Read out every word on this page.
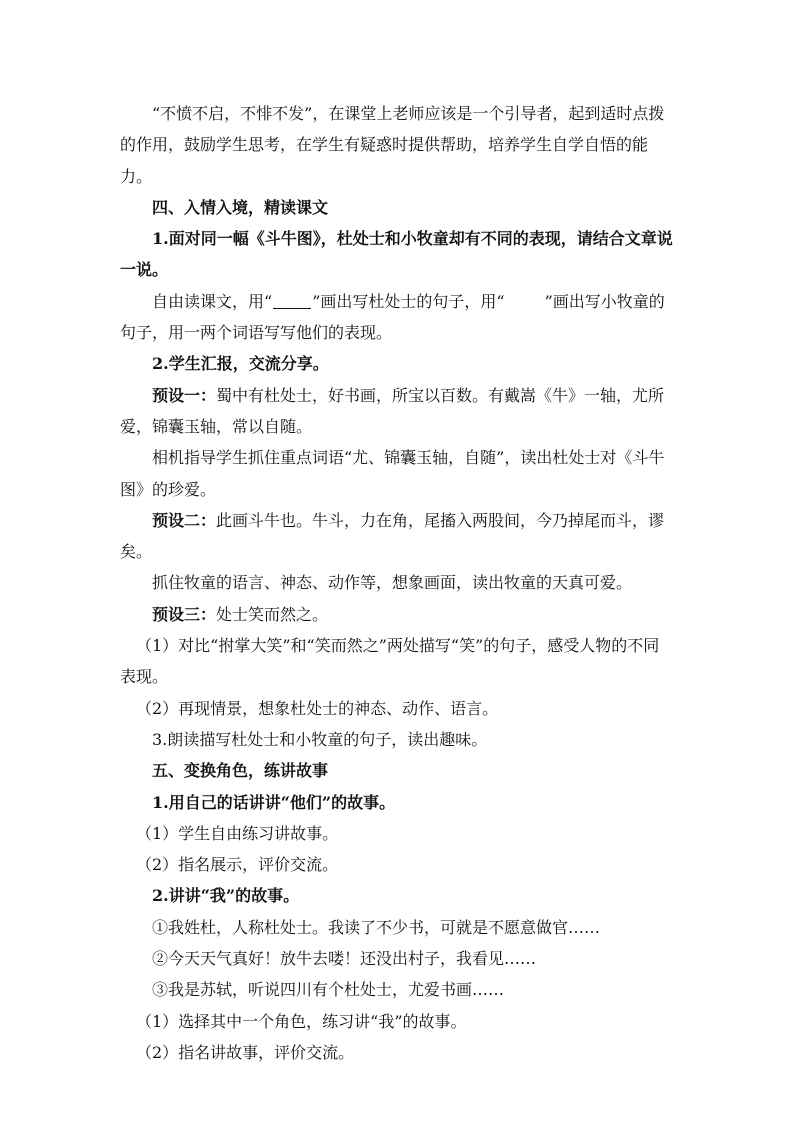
“不愤不启，不悱不发”，在课堂上老师应该是一个引导者，起到适时点拨的作用，鼓励学生思考，在学生有疑惑时提供帮助，培养学生自学自悟的能力。

四、入情入境，精读课文

1.面对同一幅《斗牛图》，杜处士和小牧童却有不同的表现，请结合文章说一说。

自由读课文，用“	”画出写杜处士的句子，用“	”画出写小牧童的句子，用一两个词语写写他们的表现。

2.学生汇报，交流分享。

预设一：蜀中有杜处士，好书画，所宝以百数。有戴嵩《牛》一轴，尤所爱，锦囊玉轴，常以自随。

相机指导学生抓住重点词语“尤、锦囊玉轴，自随”，读出杜处士对《斗牛图》的珍爱。

预设二：此画斗牛也。牛斗，力在角，尾搐入两股间，今乃掉尾而斗，谬矣。

抓住牧童的语言、神态、动作等，想象画面，读出牧童的天真可爱。

预设三：处士笑而然之。

（1）对比“拊掌大笑”和“笑而然之”两处描写“笑”的句子，感受人物的不同表现。

（2）再现情景，想象杜处士的神态、动作、语言。

3.朗读描写杜处士和小牧童的句子，读出趣味。

五、变换角色，练讲故事

1.用自己的话讲讲“他们”的故事。

（1）学生自由练习讲故事。

（2）指名展示，评价交流。

2.讲讲“我”的故事。

①我姓杜，人称杜处士。我读了不少书，可就是不愿意做官……

②今天天气真好！放牛去喽！还没出村子，我看见……

③我是苏轼，听说四川有个杜处士，尤爱书画……

（1）选择其中一个角色，练习讲“我”的故事。

（2）指名讲故事，评价交流。
